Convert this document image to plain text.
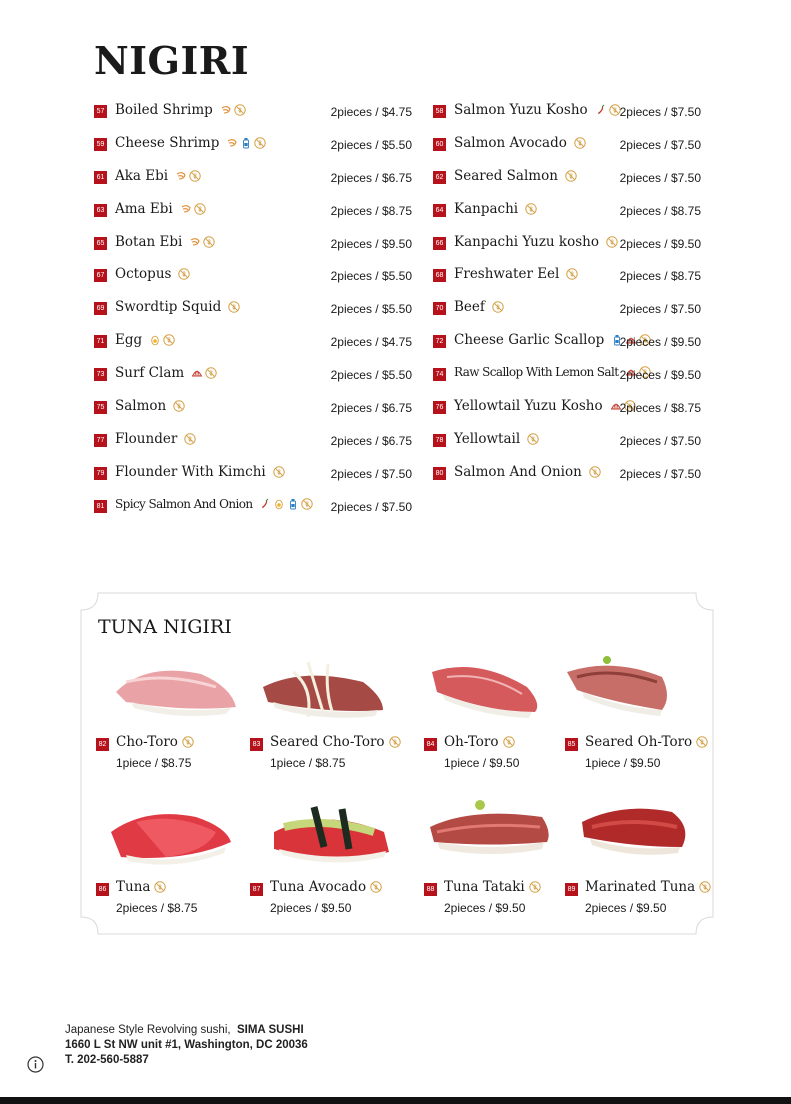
NIGIRI
57 Boiled Shrimp	2pieces / $4.75
59 Cheese Shrimp	2pieces / $5.50
61 Aka Ebi	2pieces / $6.75
63 Ama Ebi	2pieces / $8.75
65 Botan Ebi	2pieces / $9.50
67 Octopus	2pieces / $5.50
69 Swordtip Squid	2pieces / $5.50
71 Egg	2pieces / $4.75
73 Surf Clam	2pieces / $5.50
75 Salmon	2pieces / $6.75
77 Flounder	2pieces / $6.75
79 Flounder With Kimchi	2pieces / $7.50
81 Spicy Salmon And Onion	2pieces / $7.50
58 Salmon Yuzu Kosho	2pieces / $7.50
60 Salmon Avocado	2pieces / $7.50
62 Seared Salmon	2pieces / $7.50
64 Kanpachi	2pieces / $8.75
66 Kanpachi Yuzu kosho 2pieces / $9.50
68 Freshwater Eel	2pieces / $8.75
70 Beef	2pieces / $7.50
72 Cheese Garlic Scallop 2pieces / $9.50
74 Raw Scallop With Lemon Salt 2pieces / $9.50
76 Yellowtail Yuzu Kosho 2pieces / $8.75
78 Yellowtail	2pieces / $7.50
80 Salmon And Onion	2pieces / $7.50
TUNA NIGIRI
82 Cho-Toro
1piece / $8.75
83 Seared Cho-Toro
1piece / $8.75
84 Oh-Toro
1piece / $9.50
85 Seared Oh-Toro
1piece / $9.50
86 Tuna
2pieces / $8.75
87 Tuna Avocado
2pieces / $9.50
88 Tuna Tataki
2pieces / $9.50
89 Marinated Tuna
2pieces / $9.50
Japanese Style Revolving sushi, SIMA SUSHI
1660 L St NW unit #1, Washington, DC 20036
T. 202-560-5887
